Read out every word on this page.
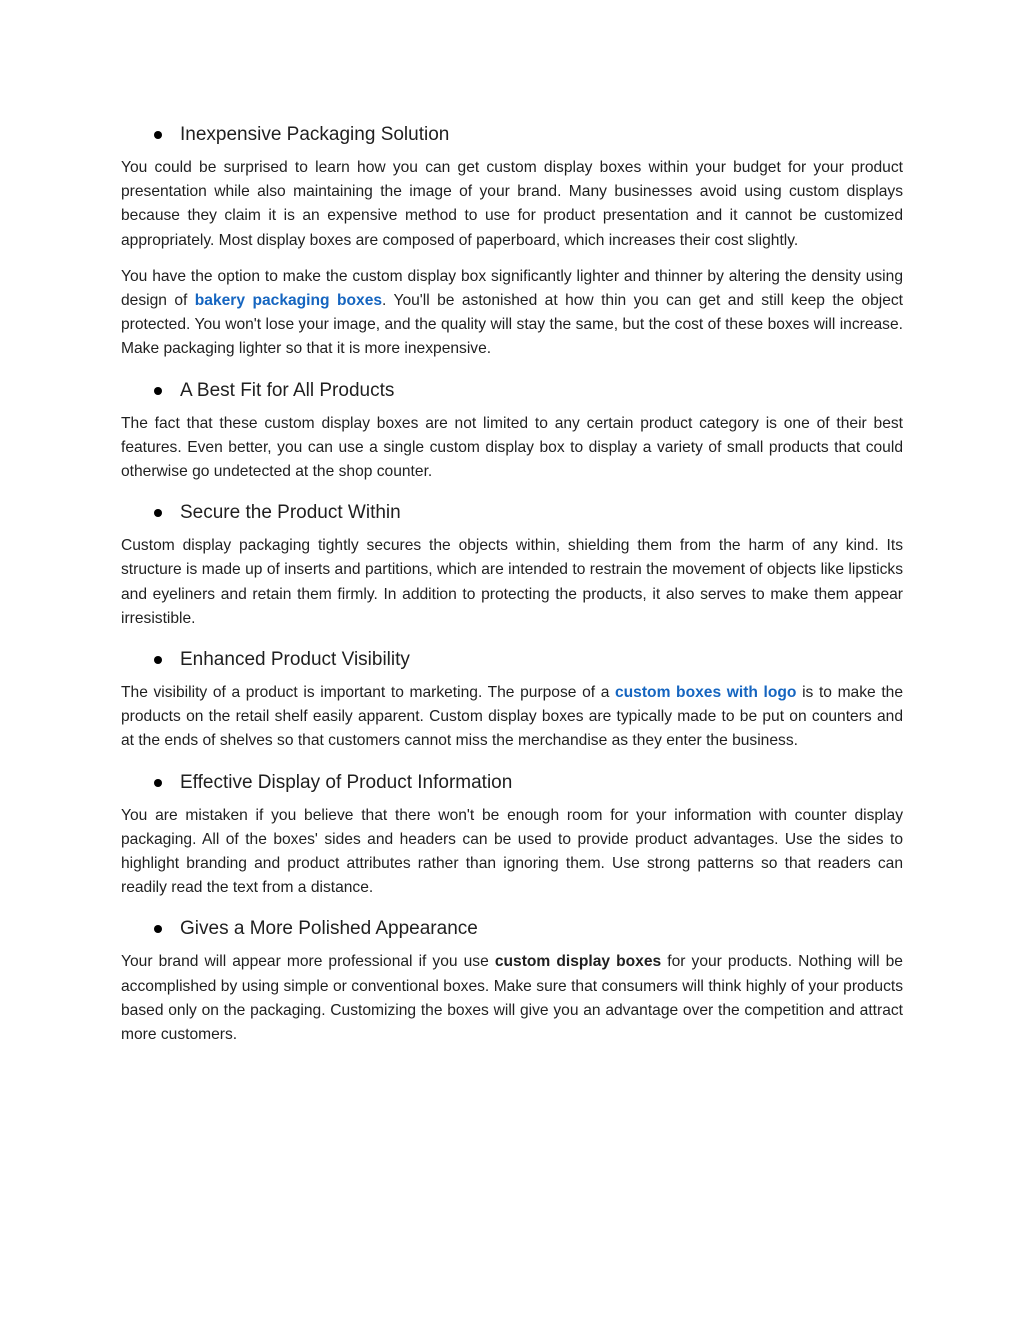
Inexpensive Packaging Solution

You could be surprised to learn how you can get custom display boxes within your budget for your product presentation while also maintaining the image of your brand. Many businesses avoid using custom displays because they claim it is an expensive method to use for product presentation and it cannot be customized appropriately. Most display boxes are composed of paperboard, which increases their cost slightly.

You have the option to make the custom display box significantly lighter and thinner by altering the density using design of bakery packaging boxes. You'll be astonished at how thin you can get and still keep the object protected. You won't lose your image, and the quality will stay the same, but the cost of these boxes will increase. Make packaging lighter so that it is more inexpensive.

A Best Fit for All Products

The fact that these custom display boxes are not limited to any certain product category is one of their best features. Even better, you can use a single custom display box to display a variety of small products that could otherwise go undetected at the shop counter.

Secure the Product Within

Custom display packaging tightly secures the objects within, shielding them from the harm of any kind. Its structure is made up of inserts and partitions, which are intended to restrain the movement of objects like lipsticks and eyeliners and retain them firmly. In addition to protecting the products, it also serves to make them appear irresistible.

Enhanced Product Visibility

The visibility of a product is important to marketing. The purpose of a custom boxes with logo is to make the products on the retail shelf easily apparent. Custom display boxes are typically made to be put on counters and at the ends of shelves so that customers cannot miss the merchandise as they enter the business.

Effective Display of Product Information

You are mistaken if you believe that there won't be enough room for your information with counter display packaging. All of the boxes' sides and headers can be used to provide product advantages. Use the sides to highlight branding and product attributes rather than ignoring them. Use strong patterns so that readers can readily read the text from a distance.

Gives a More Polished Appearance

Your brand will appear more professional if you use custom display boxes for your products. Nothing will be accomplished by using simple or conventional boxes. Make sure that consumers will think highly of your products based only on the packaging. Customizing the boxes will give you an advantage over the competition and attract more customers.
